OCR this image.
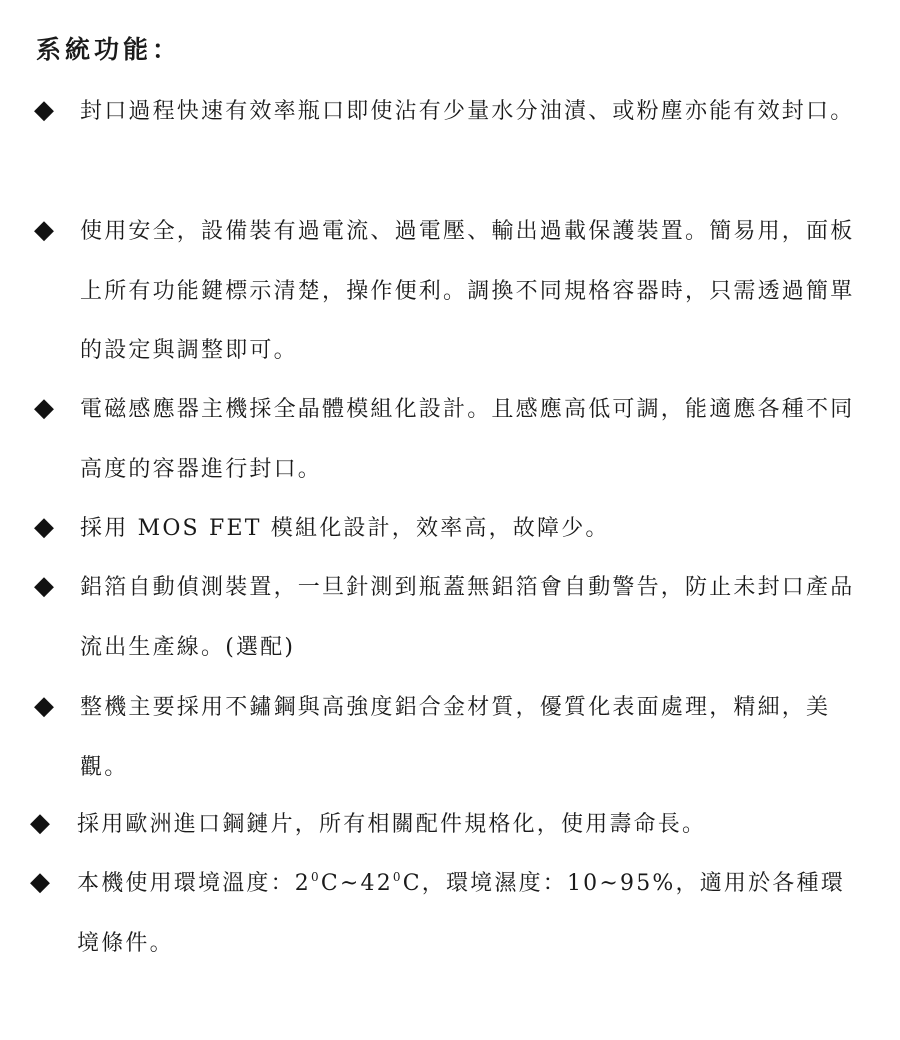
系統功能：
◆	封口過程快速有效率瓶口即使沾有少量水分油漬、或粉塵亦能有效封口。
◆	使用安全，設備裝有過電流、過電壓、輸出過載保護裝置。簡易用，面板上所有功能鍵標示清楚，操作便利。調換不同規格容器時，只需透過簡單的設定與調整即可。
◆	電磁感應器主機採全晶體模組化設計。且感應高低可調，能適應各種不同高度的容器進行封口。
◆	採用 MOS FET 模組化設計，效率高，故障少。
◆	鋁箔自動偵測裝置，一旦針測到瓶蓋無鋁箔會自動警告，防止未封口產品流出生產線。(選配)
◆	整機主要採用不鏽鋼與高強度鋁合金材質，優質化表面處理，精細，美觀。
◆	採用歐洲進口鋼鏈片，所有相關配件規格化，使用壽命長。
◆	本機使用環境溫度：$2^0C\sim 42^0C$，環境濕度：10~95%，適用於各種環境條件。
